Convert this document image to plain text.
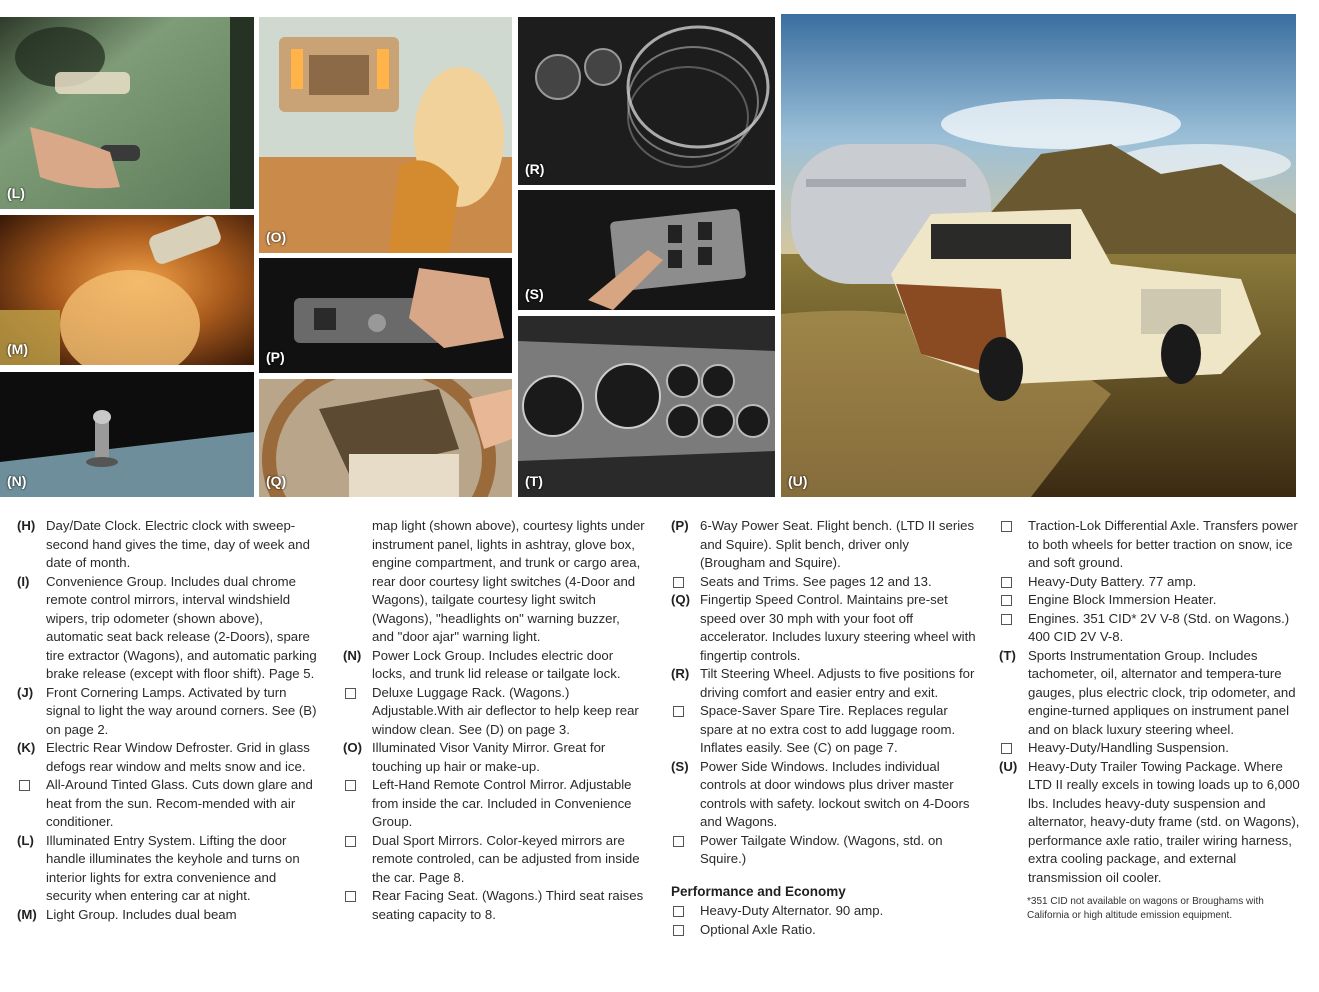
(L)
(M)
(N)
(O)
(P)
(Q)
(R)
(S)
(T)	(U)

(H) Day/Date Clock. Electric clock with sweep-second hand gives the time, day of week and date of month.

(I) Convenience Group. Includes dual chrome remote control mirrors, interval windshield wipers, trip odometer (shown above), automatic seat back release (2-Doors), spare tire extractor (Wagons), and automatic parking brake release (except with floor shift). Page 5.

(J) Front Cornering Lamps. Activated by turn signal to light the way around corners. See (B) on page 2.

(K) Electric Rear Window Defroster. Grid in glass defogs rear window and melts snow and ice.

All-Around Tinted Glass. Cuts down glare and heat from the sun. Recom-mended with air conditioner.

(L) Illuminated Entry System. Lifting the door handle illuminates the keyhole and turns on interior lights for extra convenience and security when entering car at night.

(M) Light Group. Includes dual beam

map light (shown above), courtesy lights under instrument panel, lights in ashtray, glove box, engine compartment, and trunk or cargo area, rear door courtesy light switches (4-Door and Wagons), tailgate courtesy light switch (Wagons), "headlights on" warning buzzer, and "door ajar" warning light.

(N) Power Lock Group. Includes electric door locks, and trunk lid release or tailgate lock.

Deluxe Luggage Rack. (Wagons.) Adjustable.With air deflector to help keep rear window clean. See (D) on page 3.

(O) Illuminated Visor Vanity Mirror. Great for touching up hair or make-up.

Left-Hand Remote Control Mirror. Adjustable from inside the car. Included in Convenience Group.

Dual Sport Mirrors. Color-keyed mirrors are remote controled, can be adjusted from inside the car. Page 8.

Rear Facing Seat. (Wagons.) Third seat raises seating capacity to 8.

(P) 6-Way Power Seat. Flight bench. (LTD II series and Squire). Split bench, driver only (Brougham and Squire).

Seats and Trims. See pages 12 and 13.

(Q) Fingertip Speed Control. Maintains pre-set speed over 30 mph with your foot off accelerator. Includes luxury steering wheel with fingertip controls.

(R) Tilt Steering Wheel. Adjusts to five positions for driving comfort and easier entry and exit.

Space-Saver Spare Tire. Replaces regular spare at no extra cost to add luggage room. Inflates easily. See (C) on page 7.

(S) Power Side Windows. Includes individual controls at door windows plus driver master controls with safety. lockout switch on 4-Doors and Wagons.

Power Tailgate Window. (Wagons, std. on Squire.)

Performance and Economy

Heavy-Duty Alternator. 90 amp.

Optional Axle Ratio.

Traction-Lok Differential Axle. Transfers power to both wheels for better traction on snow, ice and soft ground.

Heavy-Duty Battery. 77 amp.

Engine Block Immersion Heater.

Engines. 351 CID* 2V V-8 (Std. on Wagons.) 400 CID 2V V-8.

(T) Sports Instrumentation Group. Includes tachometer, oil, alternator and tempera-ture gauges, plus electric clock, trip odometer, and engine-turned appliques on instrument panel and on black luxury steering wheel.

Heavy-Duty/Handling Suspension.

(U) Heavy-Duty Trailer Towing Package. Where LTD II really excels in towing loads up to 6,000 lbs. Includes heavy-duty suspension and alternator, heavy-duty frame (std. on Wagons), performance axle ratio, trailer wiring harness, extra cooling package, and external transmission oil cooler.

*351 CID not available on wagons or Broughams with California or high altitude emission equipment.
